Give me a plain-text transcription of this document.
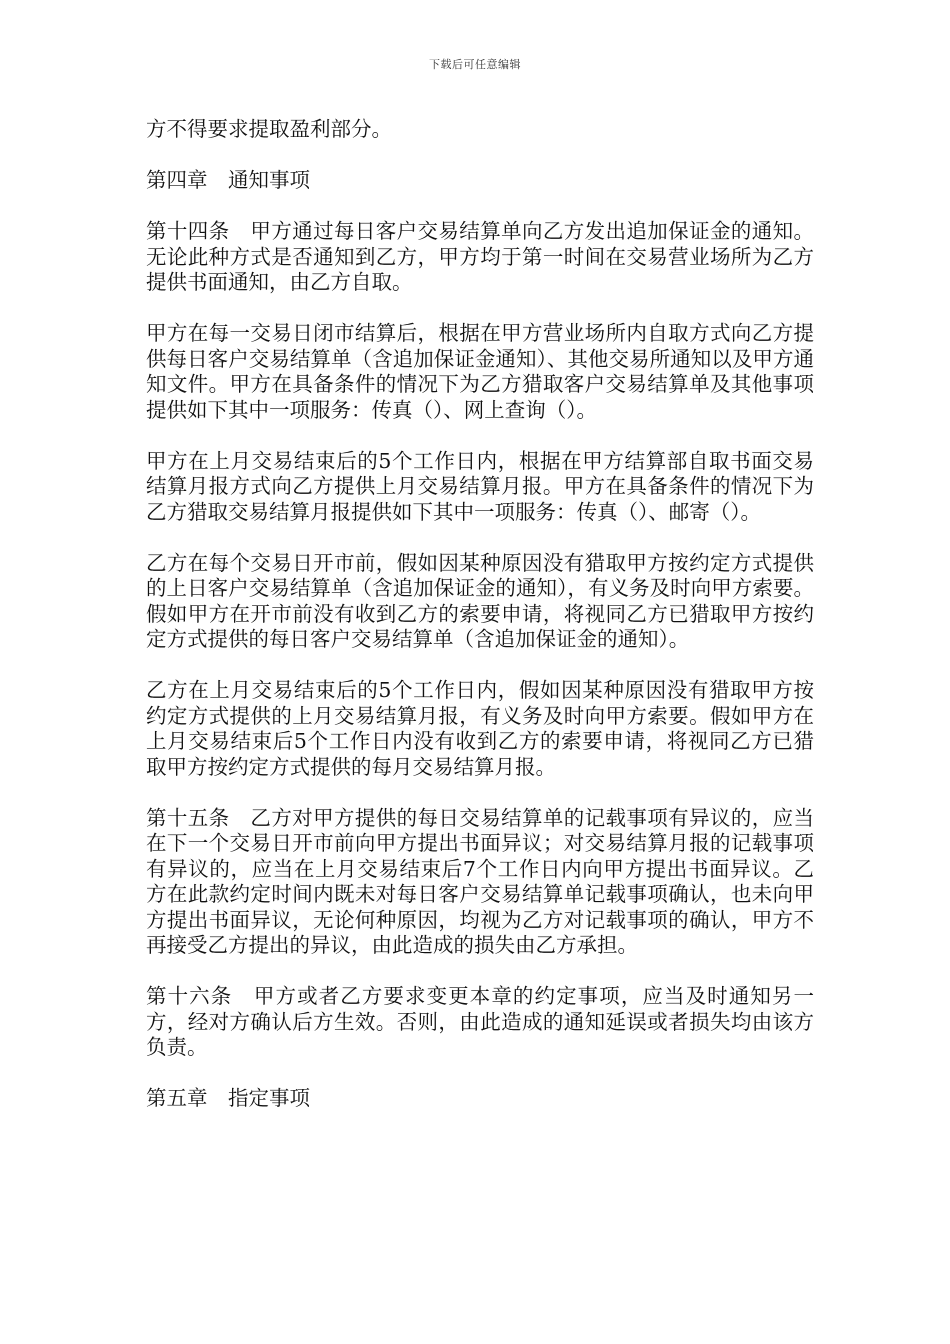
下载后可任意编辑

方不得要求提取盈利部分。

第四章　通知事项

第十四条　甲方通过每日客户交易结算单向乙方发出追加保证金的通知。无论此种方式是否通知到乙方，甲方均于第一时间在交易营业场所为乙方提供书面通知，由乙方自取。

甲方在每一交易日闭市结算后，根据在甲方营业场所内自取方式向乙方提供每日客户交易结算单（含追加保证金通知）、其他交易所通知以及甲方通知文件。甲方在具备条件的情况下为乙方猎取客户交易结算单及其他事项提供如下其中一项服务：传真（）、网上查询（）。

甲方在上月交易结束后的5个工作日内，根据在甲方结算部自取书面交易结算月报方式向乙方提供上月交易结算月报。甲方在具备条件的情况下为乙方猎取交易结算月报提供如下其中一项服务：传真（）、邮寄（）。

乙方在每个交易日开市前，假如因某种原因没有猎取甲方按约定方式提供的上日客户交易结算单（含追加保证金的通知），有义务及时向甲方索要。假如甲方在开市前没有收到乙方的索要申请，将视同乙方已猎取甲方按约定方式提供的每日客户交易结算单（含追加保证金的通知）。

乙方在上月交易结束后的5个工作日内，假如因某种原因没有猎取甲方按约定方式提供的上月交易结算月报，有义务及时向甲方索要。假如甲方在上月交易结束后5个工作日内没有收到乙方的索要申请，将视同乙方已猎取甲方按约定方式提供的每月交易结算月报。

第十五条　乙方对甲方提供的每日交易结算单的记载事项有异议的，应当在下一个交易日开市前向甲方提出书面异议；对交易结算月报的记载事项有异议的，应当在上月交易结束后7个工作日内向甲方提出书面异议。乙方在此款约定时间内既未对每日客户交易结算单记载事项确认，也未向甲方提出书面异议，无论何种原因，均视为乙方对记载事项的确认，甲方不再接受乙方提出的异议，由此造成的损失由乙方承担。

第十六条　甲方或者乙方要求变更本章的约定事项，应当及时通知另一方，经对方确认后方生效。否则，由此造成的通知延误或者损失均由该方负责。

第五章　指定事项
